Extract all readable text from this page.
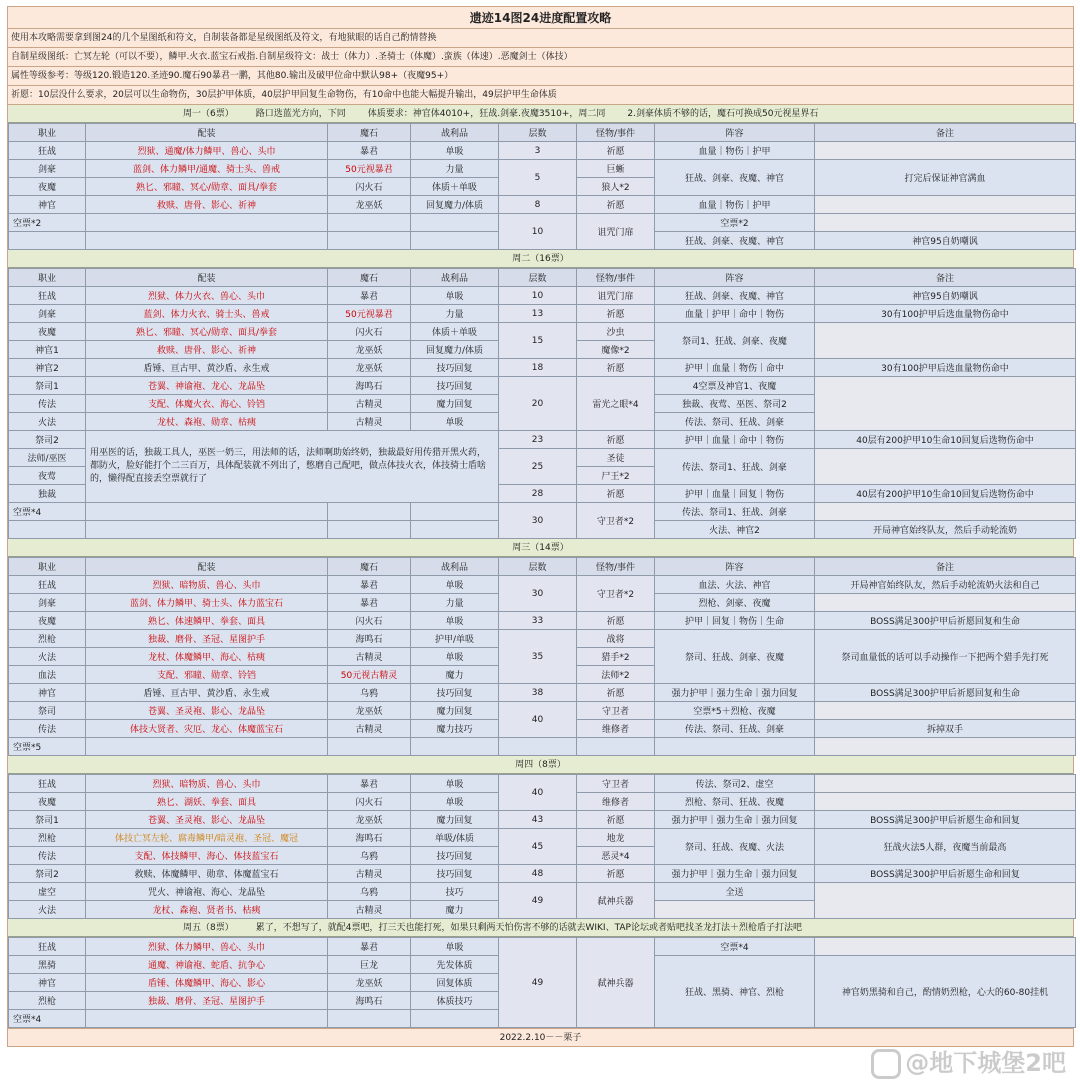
遗迹14图24进度配置攻略
使用本攻略需要拿到图24的几个星图纸和符文，自制装备都是星级图纸及符文，有地狱眼的话自己酌情替换
自制星级图纸：亡冥左轮（可以不要），鳞甲.火衣.蓝宝石戒指.自制星级符文：战士（体力）.圣骑士（体魔）.蛮族（体速）.恶魔剑士（体技）
属性等级参考：等级120.锻造120.圣迹90.魔石90暴君一鹏，其他80.输出及破甲位命中默认98+（夜魔95+）
祈愿：10层没什么要求，20层可以生命物伤，30层护甲体质，40层护甲回复生命物伤，有10命中也能大幅提升输出，49层护甲生命体质
周一（6票） 路口选蓝光方向，下同 体质要求：神官体4010+，狂战.剑豪.夜魔3510+，周二同 2.剑豪体质不够的话，魔石可换成50元视星界石
职业	配装	魔石	战利品	层数	怪物/事件	阵容	备注
狂战	烈狱、通魔/体力鳞甲、兽心、头巾	暴君	单吸	3	祈愿	血量｜物伤｜护甲	
剑豪	蓝剑、体力鳞甲/通魔、骑士头、兽戒	50元视暴君	力量	5	巨蜥	狂战、剑豪、夜魔、神官	打完后保证神官满血
夜魔	熟匕、邪瞳、冥心/勋章、面具/拳套	闪火石	体质＋单吸		狼人*2		
神官	救赎、唐骨、影心、祈神	龙巫妖	回复魔力/体质	8	祈愿	血量｜物伤｜护甲	
空票*2				10	诅咒门扉	空票*2	
						狂战、剑豪、夜魔、神官	神官95自奶嘲讽
周二（16票）
职业	配装	魔石	战利品	层数	怪物/事件	阵容	备注
狂战	烈狱、体力火衣、兽心、头巾	暴君	单吸	10	诅咒门扉	狂战、剑豪、夜魔、神官	神官95自奶嘲讽
剑豪	蓝剑、体力火衣、骑士头、兽戒	50元视暴君	力量	13	祈愿	血量｜护甲｜命中｜物伤	30有100护甲后选血量物伤命中
夜魔	熟匕、邪瞳、冥心/勋章、面具/拳套	闪火石	体质＋单吸	15	沙虫	祭司1、狂战、剑豪、夜魔	
神官1	救赎、唐骨、影心、祈神	龙巫妖	回复魔力/体质		魔像*2		
神官2	盾锤、亘古甲、黄沙盾、永生戒	龙巫妖	技巧回复	18	祈愿	护甲｜血量｜物伤｜命中	30有100护甲后选血量物伤命中
祭司1	苍翼、神谕袍、龙心、龙晶坠	海鸣石	技巧回复	20	雷光之眼*4	4空票及神官1、夜魔	
传法	支配、体魔火衣、海心、铃铛	古精灵	魔力回复			独裁、夜莺、巫医、祭司2	
火法	龙杖、森袍、勋章、枯痍	古精灵	单吸			传法、祭司、狂战、剑豪	
祭司2	用巫医的话，独裁工具人，巫医一奶三，用法师的话，法师啊助始终奶，独裁最好用传猎开黑火药，都防火，脸好能打个二三百万，具体配装就不列出了，憋磨自己配吧，做点体技火衣，体技骑士盾啥的，懒得配直接丢空票就行了			23	祈愿	护甲｜血量｜命中｜物伤	40层有200护甲10生命10回复后选物伤命中
法师/巫医				25	圣徒	传法、祭司1、狂战、剑豪	
夜莺					尸王*2		
独裁				28	祈愿	护甲｜血量｜回复｜物伤	40层有200护甲10生命10回复后选物伤命中
空票*4				30	守卫者*2	传法、祭司1、狂战、剑豪	
						火法、神官2	开局神官始终队友，然后手动轮流奶
周三（14票）
职业	配装	魔石	战利品	层数	怪物/事件	阵容	备注
狂战	烈狱、暗物质、兽心、头巾	暴君	单吸	30	守卫者*2	血法、火法、神官	开局神官始终队友，然后手动轮流奶火法和自己
剑豪	蓝剑、体力鳞甲、骑士头、体力蓝宝石	暴君	力量			烈枪、剑豪、夜魔	
夜魔	熟匕、体速鳞甲、拳套、面具	闪火石	单吸	33	祈愿	护甲｜回复｜物伤｜生命	BOSS满足300护甲后祈愿回复和生命
烈枪	独裁、磨骨、圣冠、星图护手	海鸣石	护甲/单吸	35	战将	祭司、狂战、剑豪、夜魔	祭司血量低的话可以手动操作一下把两个猎手先打死
火法	龙杖、体魔鳞甲、海心、枯痍	古精灵	单吸		猎手*2		
血法	支配、邪瞳、勋章、铃铛	50元视古精灵	魔力		法师*2		
神官	盾锤、亘古甲、黄沙盾、永生戒	乌鸦	技巧回复	38	祈愿	强力护甲｜强力生命｜强力回复	BOSS满足300护甲后祈愿回复和生命
祭司	苍翼、圣灵袍、影心、龙晶坠	龙巫妖	魔力回复	40	守卫者	空票*5＋烈枪、夜魔	
传法	体技大贤者、灾厄、龙心、体魔蓝宝石	古精灵	魔力技巧		维修者	传法、祭司、狂战、剑豪	拆掉双手
空票*5							
周四（8票）
狂战	烈狱、暗物质、兽心、头巾	暴君	单吸	40	守卫者	传法、祭司2、虚空	
夜魔	熟匕、湖妖、拳套、面具	闪火石	单吸		维修者	烈枪、祭司、狂战、夜魔	
祭司1	苍翼、圣灵袍、影心、龙晶坠	龙巫妖	魔力回复	43	祈愿	强力护甲｜强力生命｜强力回复	BOSS满足300护甲后祈愿生命和回复
烈枪	体技亡冥左轮、腐毒鳞甲/暗灵袍、圣冠、魔冠	海鸣石	单吸/体质	45	地龙	祭司、狂战、夜魔、火法	狂战火法5人群，夜魔当前最高
传法	支配、体技鳞甲、海心、体技蓝宝石	乌鸦	技巧回复		恶灵*4		
祭司2	救赎、体魔鳞甲、勋章、体魔蓝宝石	古精灵	技巧回复	48	祈愿	强力护甲｜强力生命｜强力回复	BOSS满足300护甲后祈愿生命和回复
虚空	咒火、神谕袍、海心、龙晶坠	乌鸦	技巧	49	弑神兵器	全送	
火法	龙杖、森袍、贤者书、枯痍	古精灵	魔力				
周五（8票） 累了，不想写了，就配4票吧，打三天也能打死，如果只剩两天怕伤害不够的话就去WIKI、TAP论坛或者贴吧找圣龙打法＋烈枪盾子打法吧
狂战	烈狱、体力鳞甲、兽心、头巾	暴君	单吸	49	弑神兵器	空票*4	
黑骑	通魔、神谕袍、蛇盾、抗争心	巨龙	先发体质			狂战、黑骑、神官、烈枪	神官奶黑骑和自己，酌情奶烈枪，心大的60-80挂机
神官	盾锤、体魔鳞甲、海心、影心	龙巫妖	回复体质				
烈枪	独裁、磨骨、圣冠、星图护手	海鸣石	体质技巧				
空票*4							
2022.2.10－－栗子
@地下城堡2吧
